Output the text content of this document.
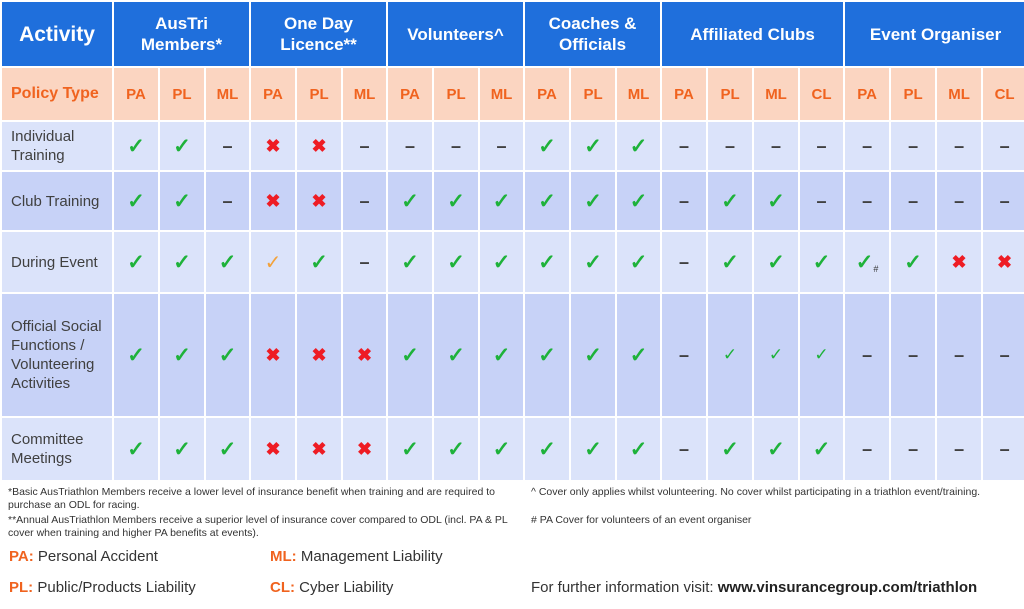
Activity	AusTri Members*			One Day Licence**			Volunteers^			Coaches & Officials			Affiliated Clubs				Event Organiser			
Policy Type	PA	PL	ML	PA	PL	ML	PA	PL	ML	PA	PL	ML	PA	PL	ML	CL	PA	PL	ML	CL
Individual Training	✓	✓	–	✖	✖	–	–	–	–	✓	✓	✓	–	–	–	–	–	–	–	–
Club Training	✓	✓	–	✖	✖	–	✓	✓	✓	✓	✓	✓	–	✓	✓	–	–	–	–	–
During Event	✓	✓	✓	✓	✓	–	✓	✓	✓	✓	✓	✓	–	✓	✓	✓	$✓_{\#}$	✓	✖	✖
Official Social Functions / Volunteering Activities	✓	✓	✓	✖	✖	✖	✓	✓	✓	✓	✓	✓	–	✓	✓	✓	–	–	–	–
Committee Meetings	✓	✓	✓	✖	✖	✖	✓	✓	✓	✓	✓	✓	–	✓	✓	✓	–	–	–	–
*Basic AusTriathlon Members receive a lower level of insurance benefit when training and are required to purchase an ODL for racing.
**Annual AusTriathlon Members receive a superior level of insurance cover compared to ODL (incl. PA & PL cover when training and higher PA benefits at events).
^ Cover only applies whilst volunteering. No cover whilst participating in a triathlon event/training.
# PA Cover for volunteers of an event organiser
PA: Personal Accident	ML: Management Liability
PL: Public/Products Liability	CL: Cyber Liability	For further information visit: www.vinsurancegroup.com/triathlon
